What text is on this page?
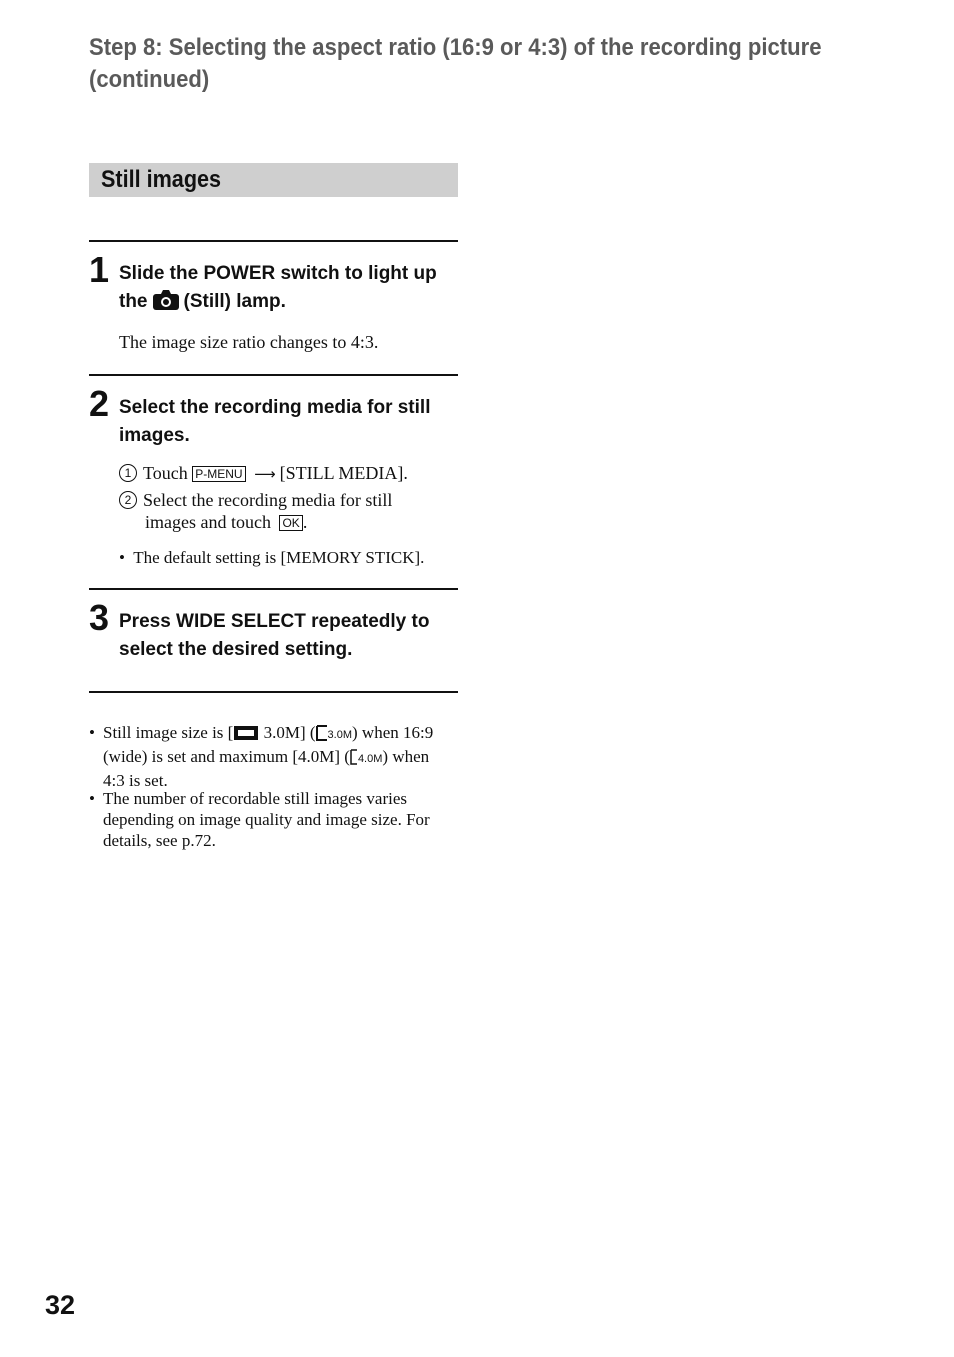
Step 8: Selecting the aspect ratio (16:9 or 4:3) of the recording picture
(continued)
Still images
1 Slide the POWER switch to light up
the (Still) lamp.
The image size ratio changes to 4:3.
2 Select the recording media for still images.
1 Touch P-MENU ⟶ [STILL MEDIA].
2 Select the recording media for still
images and touch OK .
• The default setting is [MEMORY STICK].
3 Press WIDE SELECT repeatedly to select the desired setting.
• Still image size is [ 3.0M] ( 3.0M) when 16:9
(wide) is set and maximum [4.0M] ( 4.0M) when
4:3 is set.
• The number of recordable still images varies depending on image quality and image size. For details, see p.72.
32
